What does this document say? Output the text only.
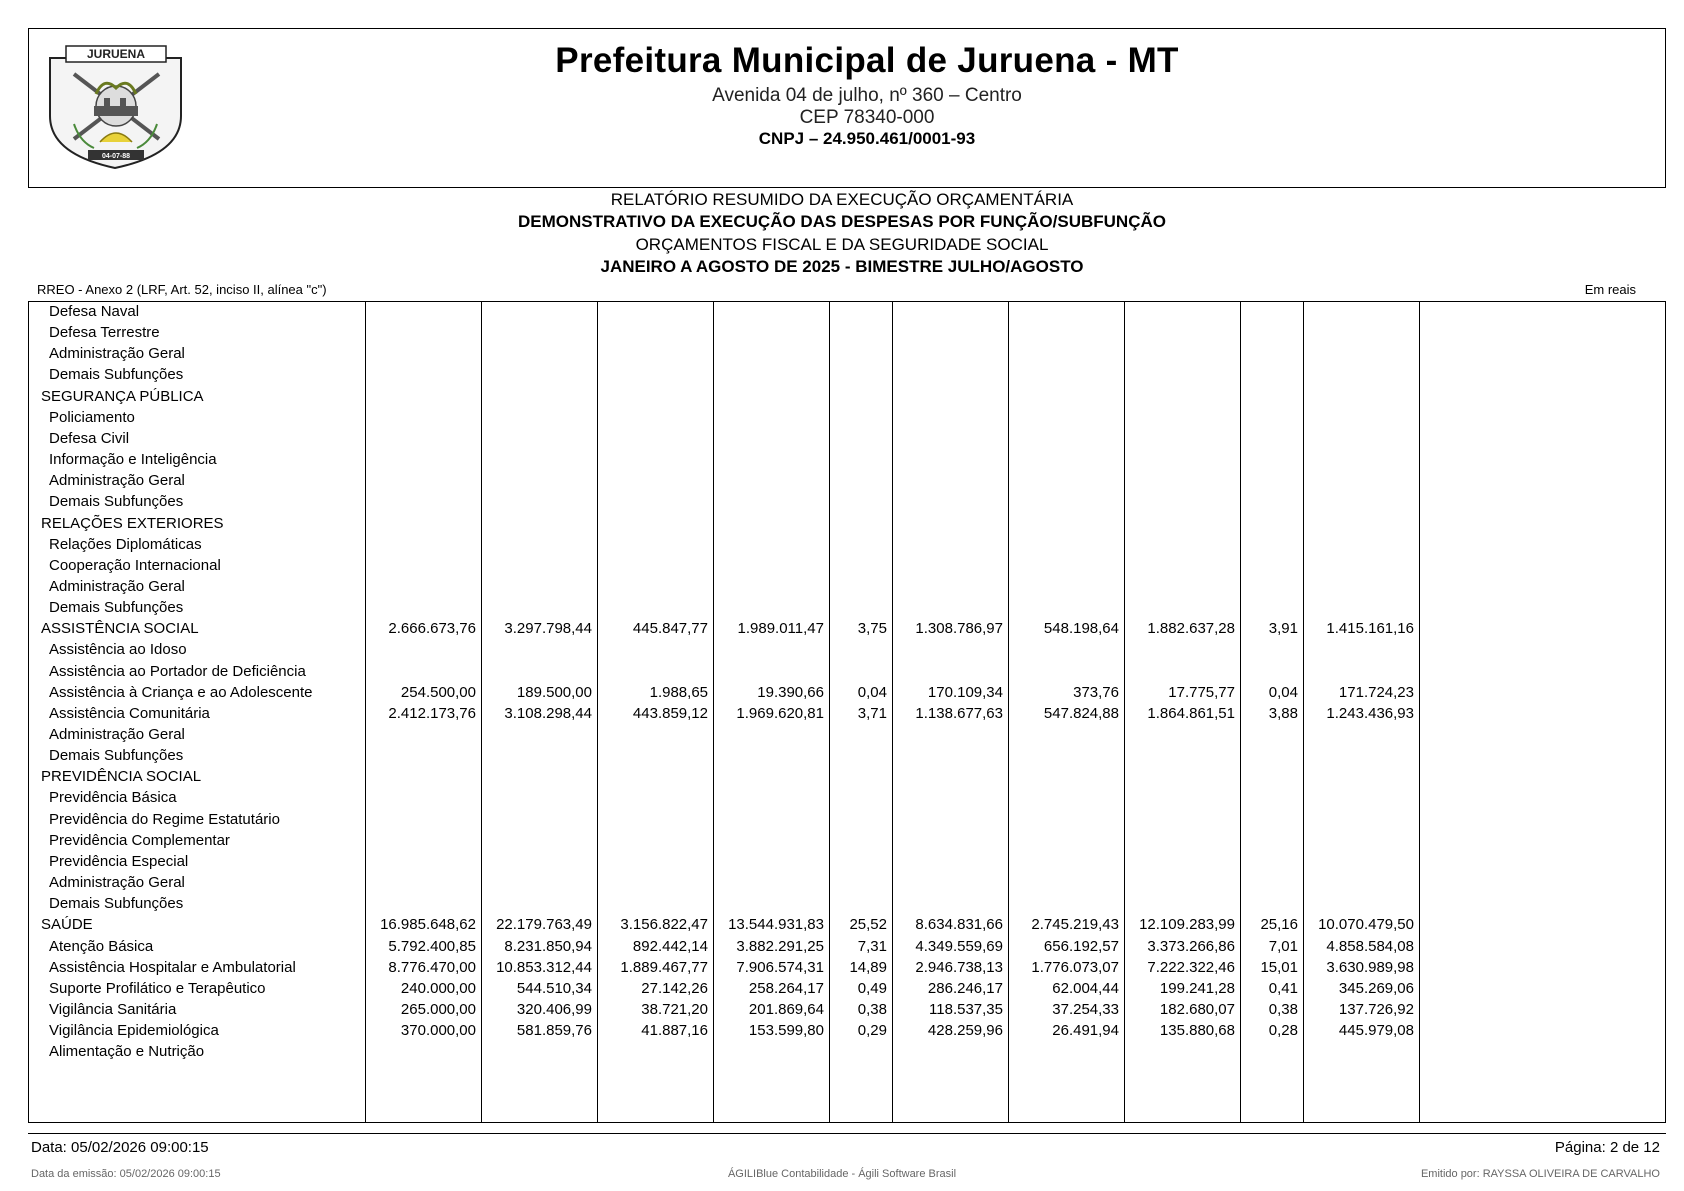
JURUENA
04-07-88
Prefeitura Municipal de Juruena - MT
Avenida 04 de julho, nº 360 – Centro
CEP 78340-000
CNPJ – 24.950.461/0001-93
RELATÓRIO RESUMIDO DA EXECUÇÃO ORÇAMENTÁRIA
DEMONSTRATIVO DA EXECUÇÃO DAS DESPESAS POR FUNÇÃO/SUBFUNÇÃO
ORÇAMENTOS FISCAL E DA SEGURIDADE SOCIAL
JANEIRO A AGOSTO DE 2025 - BIMESTRE JULHO/AGOSTO
RREO - Anexo 2 (LRF, Art. 52, inciso II, alínea "c")	Em reais
Defesa Naval
Defesa Terrestre
Administração Geral
Demais Subfunções
SEGURANÇA PÚBLICA
Policiamento
Defesa Civil
Informação e Inteligência
Administração Geral
Demais Subfunções
RELAÇÕES EXTERIORES
Relações Diplomáticas
Cooperação Internacional
Administração Geral
Demais Subfunções
ASSISTÊNCIA SOCIAL	2.666.673,76 3.297.798,44	445.847,77 1.989.011,47 3,75 1.308.786,97	548.198,64 1.882.637,28 3,91 1.415.161,16
Assistência ao Idoso
Assistência ao Portador de Deficiência
Assistência à Criança e ao Adolescente	254.500,00	189.500,00	1.988,65	19.390,66 0,04	170.109,34	373,76	17.775,77 0,04	171.724,23
Assistência Comunitária	2.412.173,76 3.108.298,44	443.859,12 1.969.620,81 3,71 1.138.677,63	547.824,88 1.864.861,51 3,88 1.243.436,93
Administração Geral
Demais Subfunções
PREVIDÊNCIA SOCIAL
Previdência Básica
Previdência do Regime Estatutário
Previdência Complementar
Previdência Especial
Administração Geral
Demais Subfunções
SAÚDE	16.985.648,62 22.179.763,49 3.156.822,47 13.544.931,83 25,52 8.634.831,66 2.745.219,43 12.109.283,99 25,16 10.070.479,50
Atenção Básica	5.792.400,85 8.231.850,94	892.442,14 3.882.291,25 7,31 4.349.559,69	656.192,57 3.373.266,86 7,01 4.858.584,08
Assistência Hospitalar e Ambulatorial	8.776.470,00 10.853.312,44 1.889.467,77 7.906.574,31 14,89 2.946.738,13 1.776.073,07 7.222.322,46 15,01 3.630.989,98
Suporte Profilático e Terapêutico	240.000,00	544.510,34	27.142,26	258.264,17 0,49	286.246,17	62.004,44	199.241,28 0,41	345.269,06
Vigilância Sanitária	265.000,00	320.406,99	38.721,20	201.869,64 0,38	118.537,35	37.254,33	182.680,07 0,38	137.726,92
Vigilância Epidemiológica	370.000,00	581.859,76	41.887,16	153.599,80 0,29	428.259,96	26.491,94	135.880,68 0,28	445.979,08
Alimentação e Nutrição
Data: 05/02/2026 09:00:15	Página: 2 de 12
Data da emissão: 05/02/2026 09:00:15	ÁGILIBlue Contabilidade - Ágili Software Brasil	Emitido por: RAYSSA OLIVEIRA DE CARVALHO
